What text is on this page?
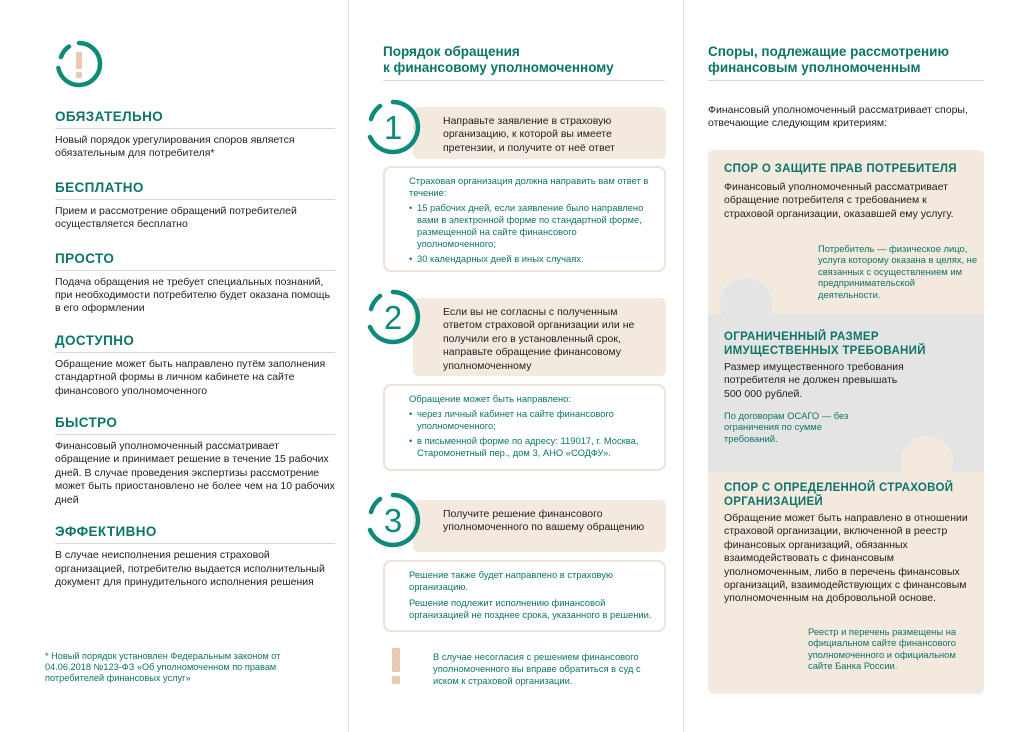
ОБЯЗАТЕЛЬНО
Новый порядок урегулирования споров является обязательным для потребителя*
БЕСПЛАТНО
Прием и рассмотрение обращений потребителей осуществляется бесплатно
ПРОСТО
Подача обращения не требует специальных познаний, при необходимости потребителю будет оказана помощь в его оформлении
ДОСТУПНО
Обращение может быть направлено путём заполнения стандартной формы в личном кабинете на сайте финансового уполномоченного
БЫСТРО
Финансовый уполномоченный рассматривает обращение и принимает решение в течение 15 рабочих дней. В случае проведения экспертизы рассмотрение может быть приостановлено не более чем на 10 рабочих дней
ЭФФЕКТИВНО
В случае неисполнения решения страховой организацией, потребителю выдается исполнительный документ для принудительного исполнения решения
* Новый порядок установлен Федеральным законом от 04.06.2018 №123-ФЗ «Об уполномоченном по правам потребителей финансовых услуг»
Порядок обращения
к финансовому уполномоченному
Направьте заявление в страховую организацию, к которой вы имеете претензии, и получите от неё ответ
1
Страховая организация должна направить вам ответ в течение:
• 15 рабочих дней, если заявление было направлено вами в электронной форме по стандартной форме, размещенной на сайте финансового уполномоченного;
• 30 календарных дней в иных случаях.
Если вы не согласны с полученным ответом страховой организации или не получили его в установленный срок, направьте обращение финансовому уполномоченному
2
Обращение может быть направлено:
• через личный кабинет на сайте финансового уполномоченного;
• в письменной форме по адресу: 119017, г. Москва, Старомонетный пер., дом 3, АНО «СОДФУ».
Получите решение финансового уполномоченного по вашему обращению
3
Решение также будет направлено в страховую организацию.
Решение подлежит исполнению финансовой организацией не позднее срока, указанного в решении.
В случае несогласия с решением финансового уполномоченного вы вправе обратиться в суд с иском к страховой организации.
Споры, подлежащие рассмотрению
финансовым уполномоченным
Финансовый уполномоченный рассматривает споры, отвечающие следующим критериям:
СПОР О ЗАЩИТЕ ПРАВ ПОТРЕБИТЕЛЯ
Финансовый уполномоченный рассматривает обращение потребителя с требованием к страховой организации, оказавшей ему услугу.
Потребитель — физическое лицо, услуга которому оказана в целях, не связанных с осуществлением им предпринимательской деятельности.
ОГРАНИЧЕННЫЙ РАЗМЕР
ИМУЩЕСТВЕННЫХ ТРЕБОВАНИЙ
Размер имущественного требования потребителя не должен превышать 500 000 рублей.
По договорам ОСАГО — без ограничения по сумме требований.
СПОР С ОПРЕДЕЛЕННОЙ СТРАХОВОЙ
ОРГАНИЗАЦИЕЙ
Обращение может быть направлено в отношении страховой организации, включенной в реестр финансовых организаций, обязанных взаимодействовать с финансовым уполномоченным, либо в перечень финансовых организаций, взаимодействующих с финансовым уполномоченным на добровольной основе.
Реестр и перечень размещены на официальном сайте финансового уполномоченного и официальном сайте Банка России.
